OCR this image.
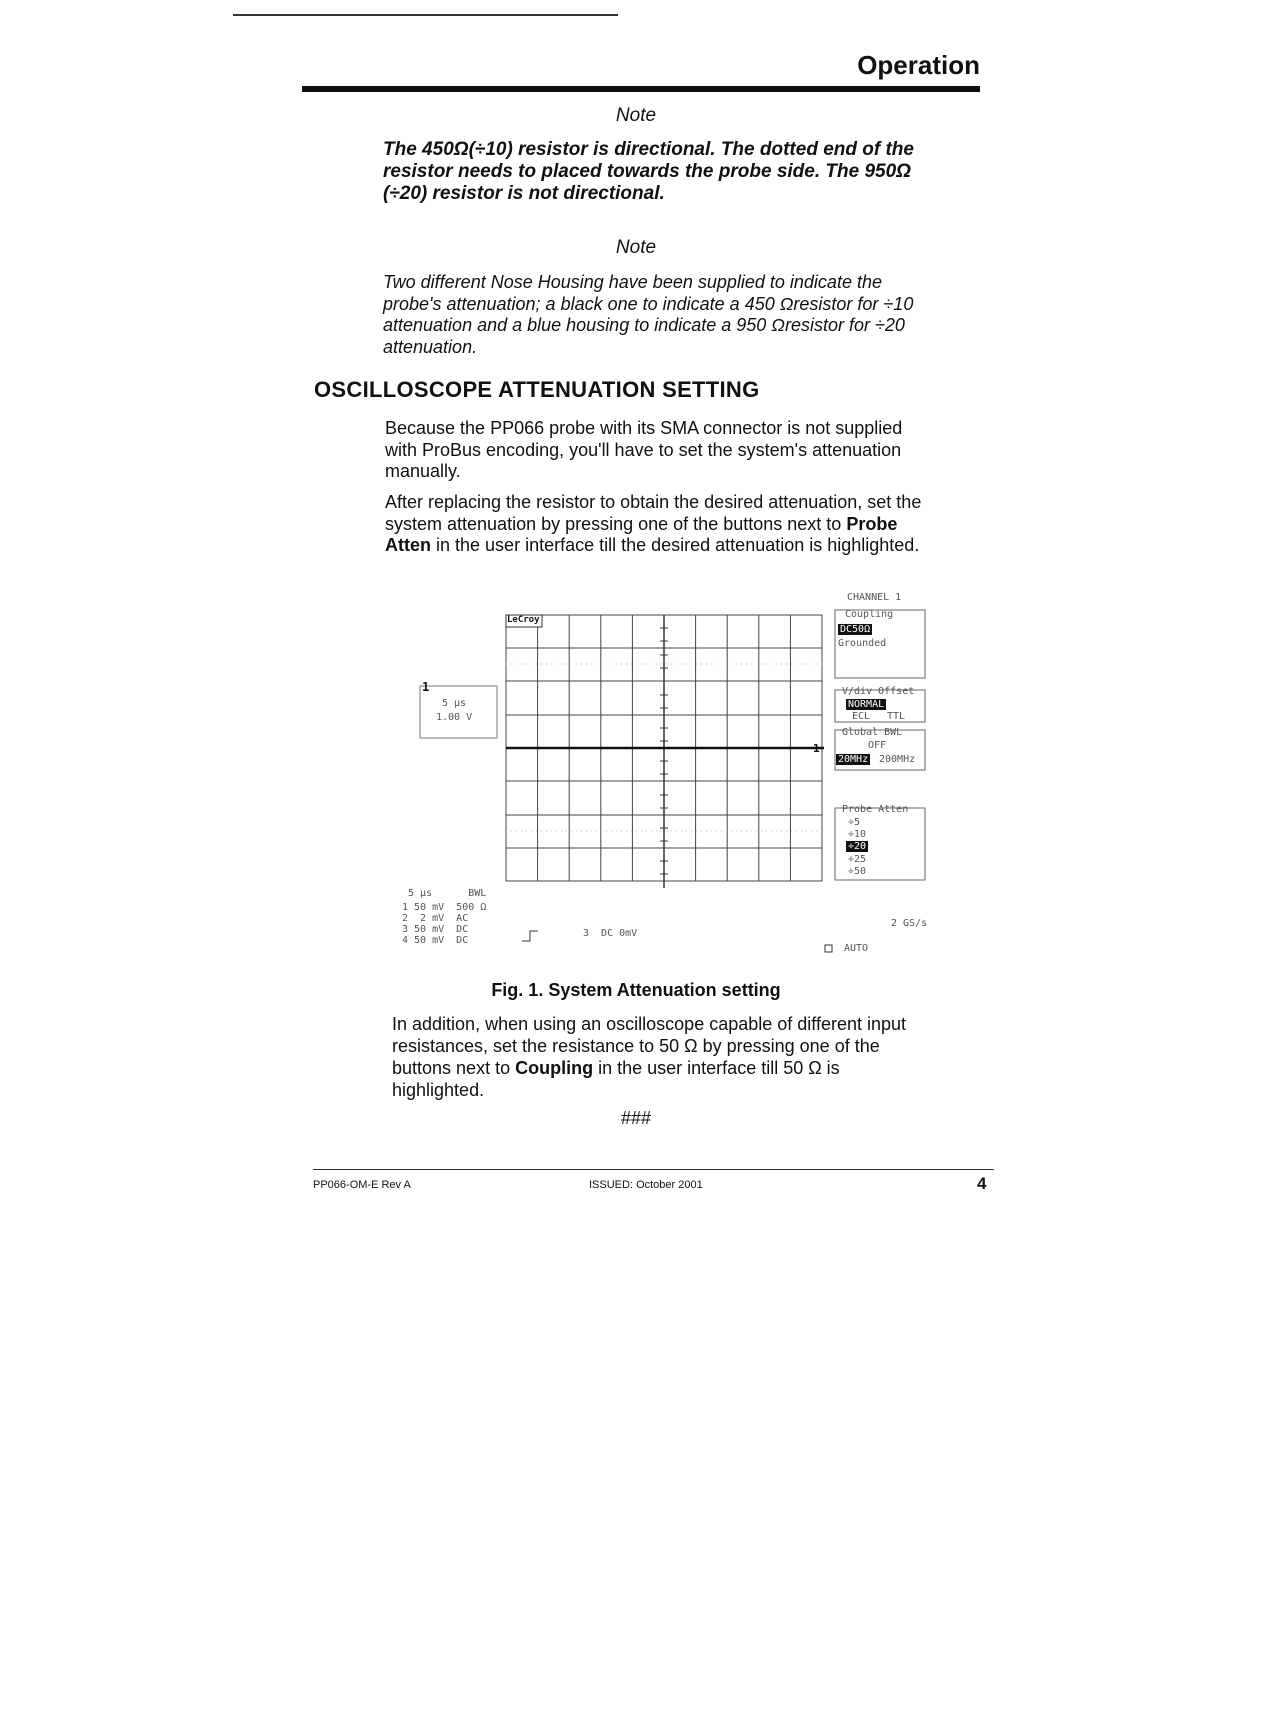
Operation
Note
The 450Ω(÷10) resistor is directional. The dotted end of the
resistor needs to placed towards the probe side. The 950Ω
(÷20) resistor is not directional.
Note
Two different Nose Housing have been supplied to indicate the
probe's attenuation; a black one to indicate a 450 Ωresistor for ÷10
attenuation and a blue housing to indicate a 950 Ωresistor for ÷20
attenuation.
OSCILLOSCOPE ATTENUATION SETTING
Because the PP066 probe with its SMA connector is not supplied
with ProBus encoding, you'll have to set the system's attenuation
manually.
After replacing the resistor to obtain the desired attenuation, set the
system attenuation by pressing one of the buttons next to Probe
Atten in the user interface till the desired attenuation is highlighted.
LeCroy
1
5 µs
1.00 V
1
CHANNEL 1
Coupling
DC50Ω
Grounded
V/div Offset
NORMAL
ECL TTL
Global BWL
OFF
20MHz 200MHz
Probe Atten
÷5
÷10
÷20
÷25
÷50
5 µs      BWL
1 50 mV  500 Ω
2  2 mV  AC
3 50 mV  DC
4 50 mV  DC
3  DC 0mV
2 GS/s
AUTO
Fig. 1. System Attenuation setting
In addition, when using an oscilloscope capable of different input
resistances, set the resistance to 50 Ω by pressing one of the
buttons next to Coupling in the user interface till 50 Ω is
highlighted.
###
PP066-OM-E Rev A	ISSUED: October 2001	4
